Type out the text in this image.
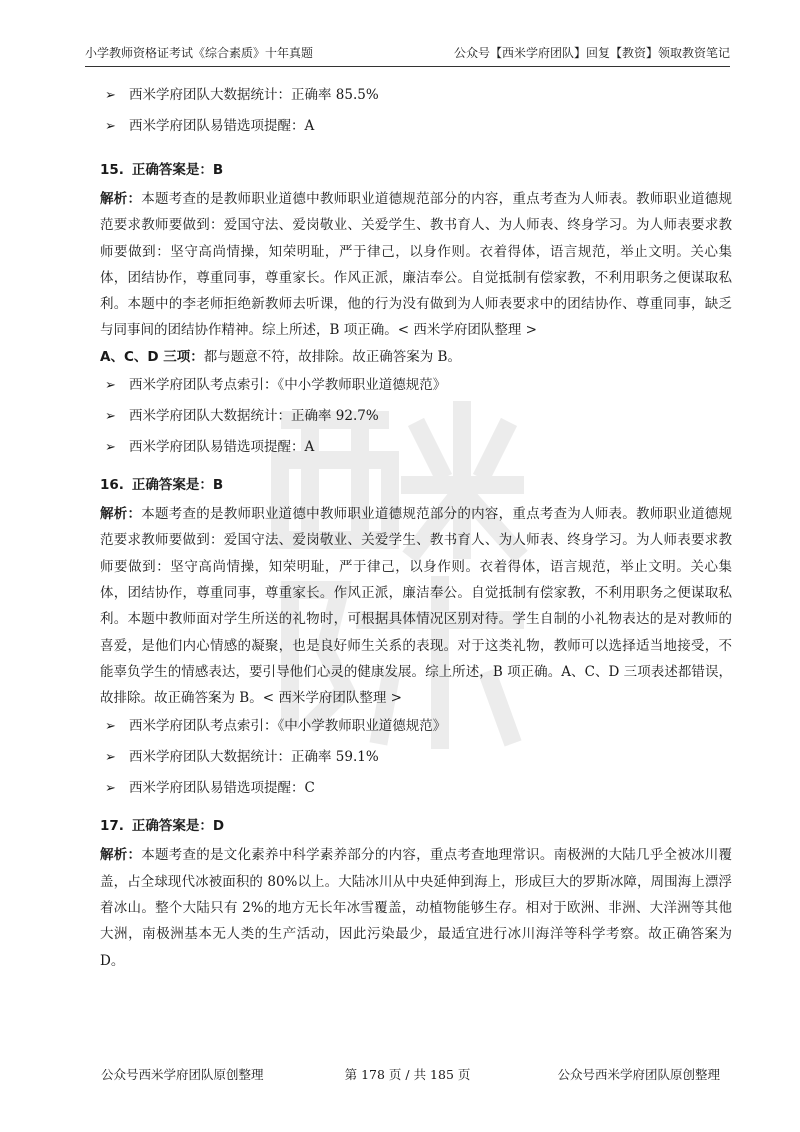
小学教师资格证考试《综合素质》十年真题	公众号【西米学府团队】回复【教资】领取教资笔记
➢ 西米学府团队大数据统计：正确率 85.5%
➢ 西米学府团队易错选项提醒：A
15. 正确答案是：B
解析：本题考查的是教师职业道德中教师职业道德规范部分的内容，重点考查为人师表。教师职业道德规范要求教师要做到：爱国守法、爱岗敬业、关爱学生、教书育人、为人师表、终身学习。为人师表要求教师要做到：坚守高尚情操，知荣明耻，严于律己，以身作则。衣着得体，语言规范，举止文明。关心集体，团结协作，尊重同事，尊重家长。作风正派，廉洁奉公。自觉抵制有偿家教，不利用职务之便谋取私利。本题中的李老师拒绝新教师去听课，他的行为没有做到为人师表要求中的团结协作、尊重同事，缺乏与同事间的团结协作精神。综上所述，B 项正确。< 西米学府团队整理 >
A、C、D 三项：都与题意不符，故排除。故正确答案为 B。
➢ 西米学府团队考点索引：《中小学教师职业道德规范》
➢ 西米学府团队大数据统计：正确率 92.7%
➢ 西米学府团队易错选项提醒：A
16. 正确答案是：B
解析：本题考查的是教师职业道德中教师职业道德规范部分的内容，重点考查为人师表。教师职业道德规范要求教师要做到：爱国守法、爱岗敬业、关爱学生、教书育人、为人师表、终身学习。为人师表要求教师要做到：坚守高尚情操，知荣明耻，严于律己，以身作则。衣着得体，语言规范，举止文明。关心集体，团结协作，尊重同事，尊重家长。作风正派，廉洁奉公。自觉抵制有偿家教，不利用职务之便谋取私利。本题中教师面对学生所送的礼物时，可根据具体情况区别对待。学生自制的小礼物表达的是对教师的喜爱，是他们内心情感的凝聚，也是良好师生关系的表现。对于这类礼物，教师可以选择适当地接受，不能辜负学生的情感表达，要引导他们心灵的健康发展。综上所述，B 项正确。A、C、D 三项表述都错误，故排除。故正确答案为 B。< 西米学府团队整理 >
➢ 西米学府团队考点索引：《中小学教师职业道德规范》
➢ 西米学府团队大数据统计：正确率 59.1%
➢ 西米学府团队易错选项提醒：C
17. 正确答案是：D
解析：本题考查的是文化素养中科学素养部分的内容，重点考查地理常识。南极洲的大陆几乎全被冰川覆盖，占全球现代冰被面积的 80%以上。大陆冰川从中央延伸到海上，形成巨大的罗斯冰障，周围海上漂浮着冰山。整个大陆只有 2%的地方无长年冰雪覆盖，动植物能够生存。相对于欧洲、非洲、大洋洲等其他大洲，南极洲基本无人类的生产活动，因此污染最少，最适宜进行冰川海洋等科学考察。故正确答案为 D。
公众号西米学府团队原创整理	第 178 页 / 共 185 页	公众号西米学府团队原创整理
